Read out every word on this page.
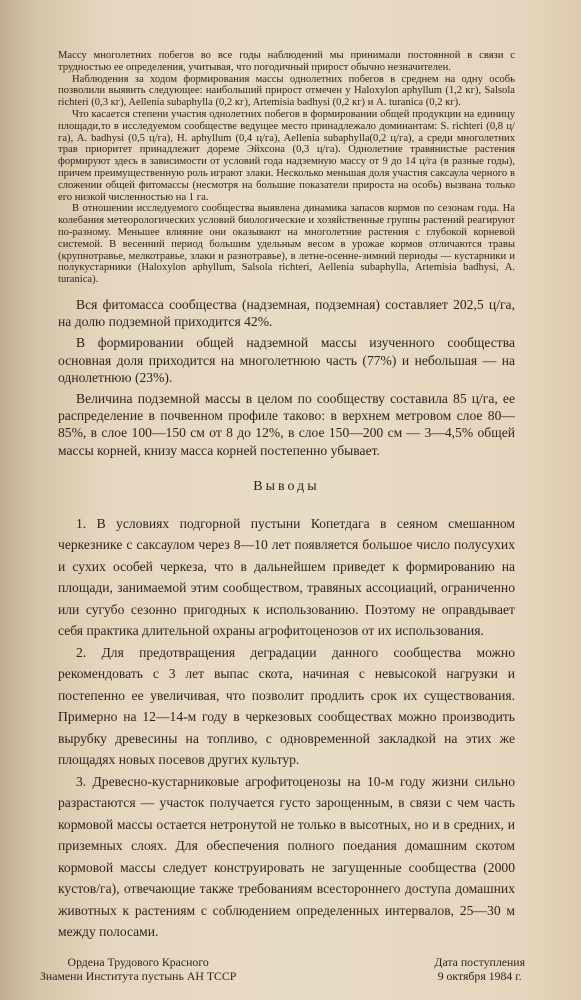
Массу многолетних побегов во все годы наблюдений мы принимали постоянной в связи с трудностью ее определения, учитывая, что погодичный прирост обычно незначителен.

Наблюдения за ходом формирования массы однолетних побегов в среднем на одну особь позволили выявить следующее: наибольший прирост отмечен у Haloxylon aphyllum (1,2 кг), Salsola richteri (0,3 кг), Aellenia subaphylla (0,2 кг), Artemisia badhysi (0,2 кг) и A. turanica (0,2 кг).

Что касается степени участия однолетних побегов в формировании общей продукции на единицу площади,то в исследуемом сообществе ведущее место принадлежало доминантам: S. richteri (0,8 ц/га), A. badhysi (0,5 ц/га), H. aphyllum (0,4 ц/га), Aellenia subaphylla(0,2 ц/га), а среди многолетних трав приоритет принадлежит дореме Эйхсона (0,3 ц/га). Однолетние травянистые растения формируют здесь в зависимости от условий года надземную массу от 9 до 14 ц/га (в разные годы), причем преимущественную роль играют злаки. Несколько меньшая доля участия саксаула черного в сложении общей фитомассы (несмотря на большие показатели прироста на особь) вызвана только его низкой численностью на 1 га.

В отношении исследуемого сообщества выявлена динамика запасов кормов по сезонам года. На колебания метеорологических условий биологические и хозяйственные группы растений реагируют по-разному. Меньшее влияние они оказывают на многолетние растения с глубокой корневой системой. В весенний период большим удельным весом в урожае кормов отличаются травы (крупнотравье, мелкотравье, злаки и разнотравье), в летне-осенне-зимний периоды — кустарники и полукустарники (Haloxylon aphyllum, Salsola richteri, Aellenia subaphylla, Artemisia badhysi, A. turanica).

Вся фитомасса сообщества (надземная, подземная) составляет 202,5 ц/га, на долю подземной приходится 42%.

В формировании общей надземной массы изученного сообщества основная доля приходится на многолетнюю часть (77%) и небольшая — на однолетнюю (23%).

Величина подземной массы в целом по сообществу составила 85 ц/га, ее распределение в почвенном профиле таково: в верхнем метровом слое 80—85%, в слое 100—150 см от 8 до 12%, в слое 150—200 см — 3—4,5% общей массы корней, книзу масса корней постепенно убывает.

Выводы

1. В условиях подгорной пустыни Копетдага в сеяном смешанном черкезнике с саксаулом через 8—10 лет появляется большое число полусухих и сухих особей черкеза, что в дальнейшем приведет к формированию на площади, занимаемой этим сообществом, травяных ассоциаций, ограниченно или сугубо сезонно пригодных к использованию. Поэтому не оправдывает себя практика длительной охраны агрофитоценозов от их использования.

2. Для предотвращения деградации данного сообщества можно рекомендовать с 3 лет выпас скота, начиная с невысокой нагрузки и постепенно ее увеличивая, что позволит продлить срок их существования. Примерно на 12—14-м году в черкезовых сообществах можно производить вырубку древесины на топливо, с одновременной закладкой на этих же площадях новых посевов других культур.

3. Древесно-кустарниковые агрофитоценозы на 10-м году жизни сильно разрастаются — участок получается густо зарощенным, в связи с чем часть кормовой массы остается нетронутой не только в высотных, но и в средних, и приземных слоях. Для обеспечения полного поедания домашним скотом кормовой массы следует конструировать не загущенные сообщества (2000 кустов/га), отвечающие также требованиям всестороннего доступа домашних животных к растениям с соблюдением определенных интервалов, 25—30 м между полосами.

Ордена Трудового Красного
Знамени Института пустынь АН ТССР
Дата поступления
9 октября 1984 г.
